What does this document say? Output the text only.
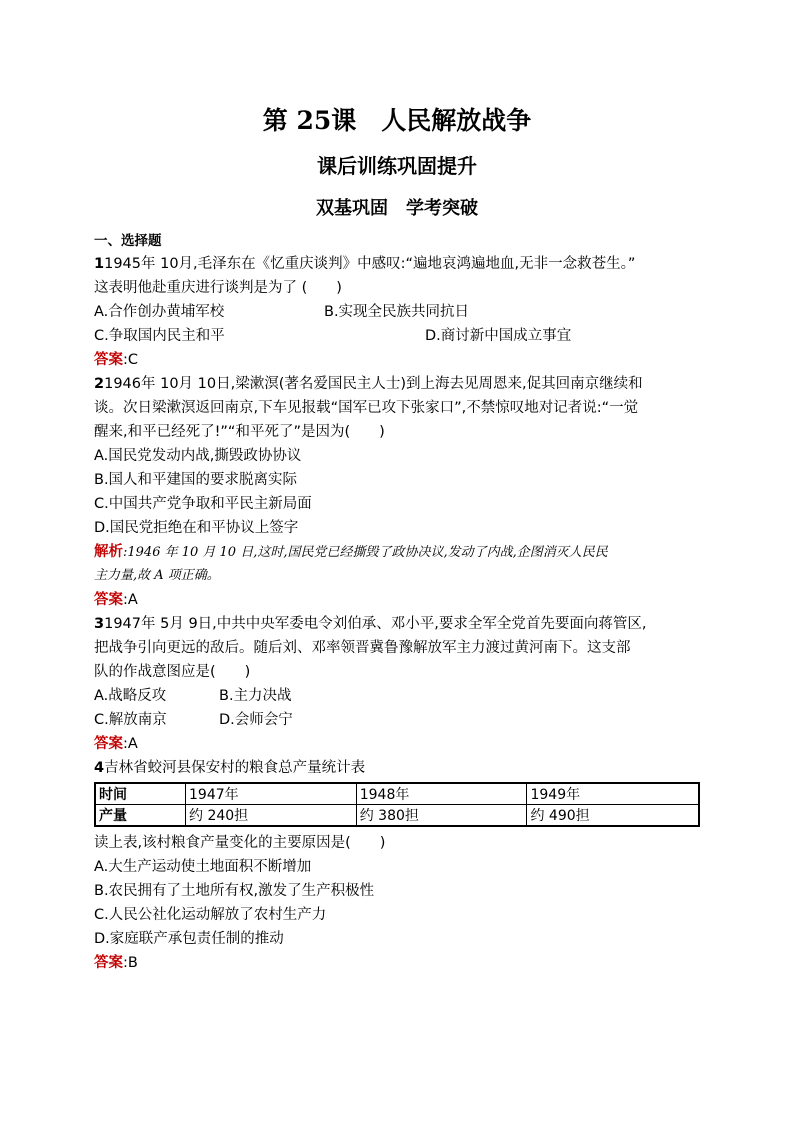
第 25课　人民解放战争
课后训练巩固提升
双基巩固　学考突破
一、选择题
11945年 10月,毛泽东在《忆重庆谈判》中感叹:“遍地哀鸿遍地血,无非一念救苍生。”
这表明他赴重庆进行谈判是为了 (　　)
A.合作创办黄埔军校	B.实现全民族共同抗日
C.争取国内民主和平	D.商讨新中国成立事宜
答案:C
21946年 10月 10日,梁漱溟(著名爱国民主人士)到上海去见周恩来,促其回南京继续和
谈。次日梁漱溟返回南京,下车见报载“国军已攻下张家口”,不禁惊叹地对记者说:“一觉
醒来,和平已经死了!”“和平死了”是因为(　　)
A.国民党发动内战,撕毁政协协议
B.国人和平建国的要求脱离实际
C.中国共产党争取和平民主新局面
D.国民党拒绝在和平协议上签字
解析:1946 年 10 月 10 日,这时,国民党已经撕毁了政协决议,发动了内战,企图消灭人民民
主力量,故 A 项正确。
答案:A
31947年 5月 9日,中共中央军委电令刘伯承、邓小平,要求全军全党首先要面向蒋管区,
把战争引向更远的敌后。随后刘、邓率领晋冀鲁豫解放军主力渡过黄河南下。这支部
队的作战意图应是(　　)
A.战略反攻	B.主力决战
C.解放南京	D.会师会宁
答案:A
4吉林省蛟河县保安村的粮食总产量统计表
时间	1947年	1948年	1949年
产量	约 240担	约 380担	约 490担
读上表,该村粮食产量变化的主要原因是(　　)
A.大生产运动使土地面积不断增加
B.农民拥有了土地所有权,激发了生产积极性
C.人民公社化运动解放了农村生产力
D.家庭联产承包责任制的推动
答案:B
